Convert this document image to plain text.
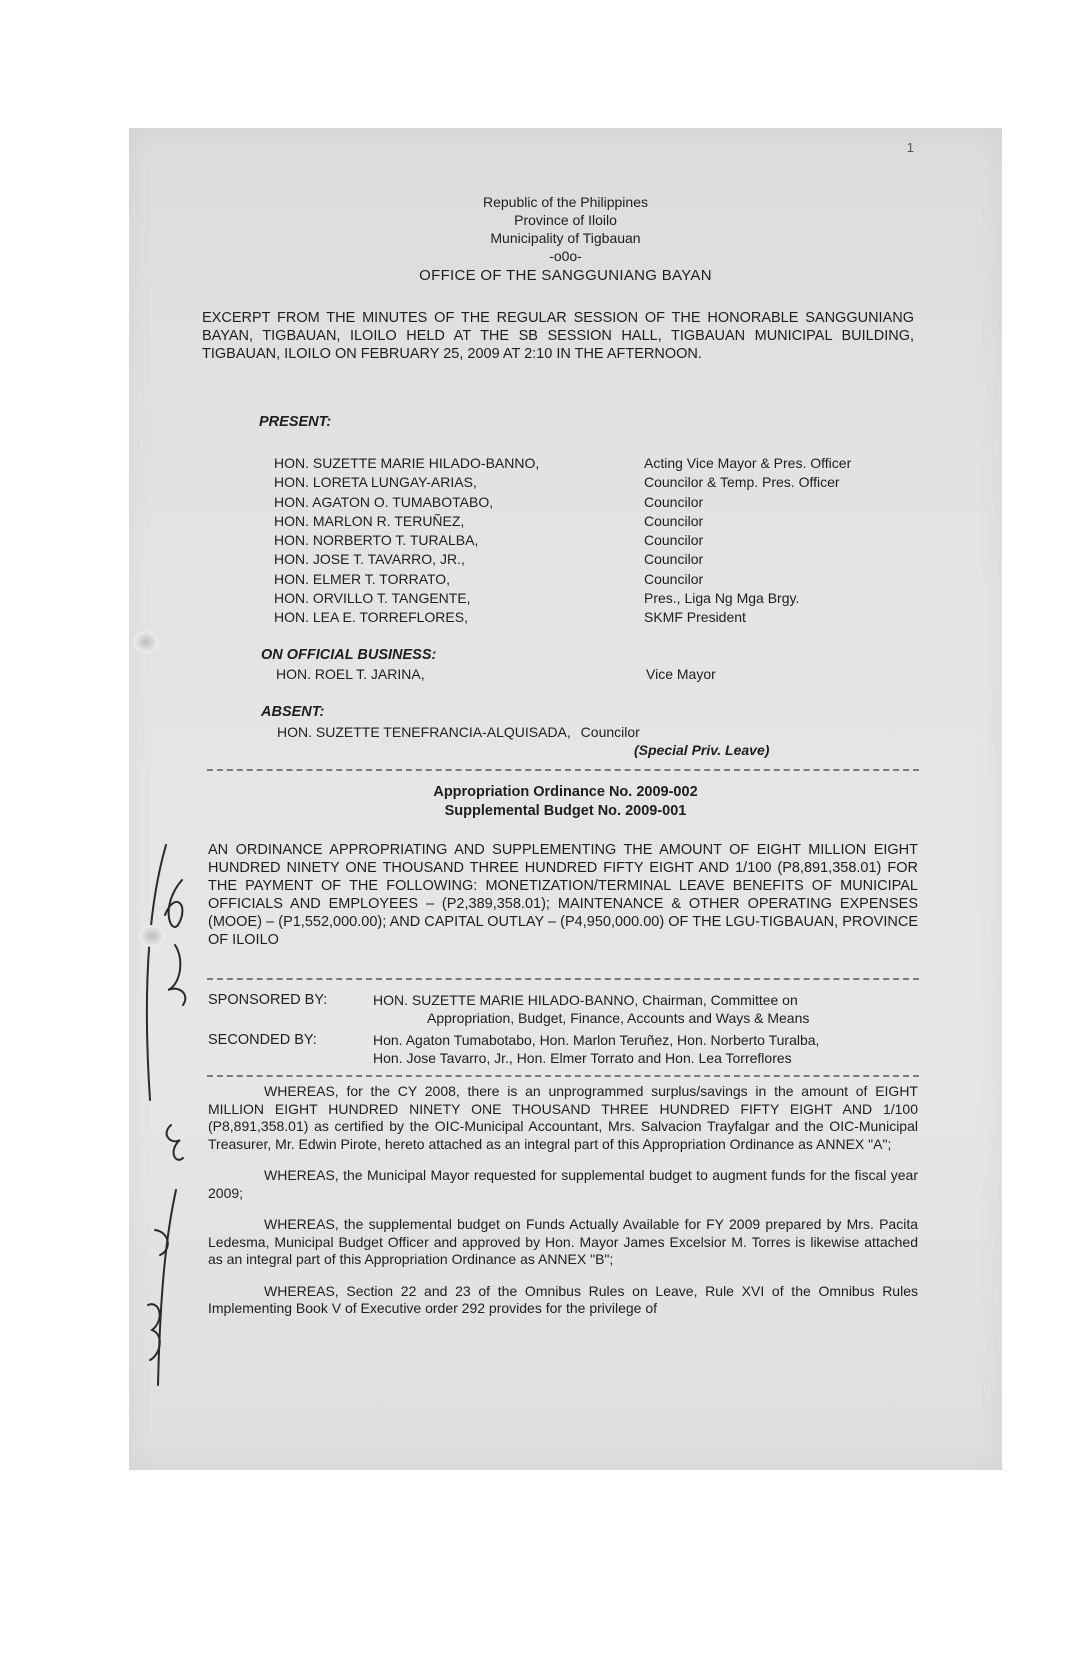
1
Republic of the Philippines
Province of Iloilo
Municipality of Tigbauan
-o0o-
OFFICE OF THE SANGGUNIANG BAYAN
EXCERPT FROM THE MINUTES OF THE REGULAR SESSION OF THE HONORABLE SANGGUNIANG BAYAN, TIGBAUAN, ILOILO HELD AT THE SB SESSION HALL, TIGBAUAN MUNICIPAL BUILDING, TIGBAUAN, ILOILO ON FEBRUARY 25, 2009 AT 2:10 IN THE AFTERNOON.
PRESENT:
HON. SUZETTE MARIE HILADO-BANNO,	Acting Vice Mayor & Pres. Officer
HON. LORETA LUNGAY-ARIAS,	Councilor & Temp. Pres. Officer
HON. AGATON O. TUMABOTABO,	Councilor
HON. MARLON R. TERUÑEZ,	Councilor
HON. NORBERTO T. TURALBA,	Councilor
HON. JOSE T. TAVARRO, JR.,	Councilor
HON. ELMER T. TORRATO,	Councilor
HON. ORVILLO T. TANGENTE,	Pres., Liga Ng Mga Brgy.
HON. LEA E. TORREFLORES,	SKMF President
ON OFFICIAL BUSINESS:
HON. ROEL T. JARINA,	Vice Mayor
ABSENT:
HON. SUZETTE TENEFRANCIA-ALQUISADA, Councilor
(Special Priv. Leave)
Appropriation Ordinance No. 2009-002
Supplemental Budget No. 2009-001
AN ORDINANCE APPROPRIATING AND SUPPLEMENTING THE AMOUNT OF EIGHT MILLION EIGHT HUNDRED NINETY ONE THOUSAND THREE HUNDRED FIFTY EIGHT AND 1/100 (P8,891,358.01) FOR THE PAYMENT OF THE FOLLOWING: MONETIZATION/TERMINAL LEAVE BENEFITS OF MUNICIPAL OFFICIALS AND EMPLOYEES – (P2,389,358.01); MAINTENANCE & OTHER OPERATING EXPENSES (MOOE) – (P1,552,000.00); AND CAPITAL OUTLAY – (P4,950,000.00) OF THE LGU-TIGBAUAN, PROVINCE OF ILOILO
SPONSORED BY:	HON. SUZETTE MARIE HILADO-BANNO, Chairman, Committee on
Appropriation, Budget, Finance, Accounts and Ways & Means
SECONDED BY:	Hon. Agaton Tumabotabo, Hon. Marlon Teruñez, Hon. Norberto Turalba,
Hon. Jose Tavarro, Jr., Hon. Elmer Torrato and Hon. Lea Torreflores

WHEREAS, for the CY 2008, there is an unprogrammed surplus/savings in the amount of EIGHT MILLION EIGHT HUNDRED NINETY ONE THOUSAND THREE HUNDRED FIFTY EIGHT AND 1/100 (P8,891,358.01) as certified by the OIC-Municipal Accountant, Mrs. Salvacion Trayfalgar and the OIC-Municipal Treasurer, Mr. Edwin Pirote, hereto attached as an integral part of this Appropriation Ordinance as ANNEX "A";

WHEREAS, the Municipal Mayor requested for supplemental budget to augment funds for the fiscal year 2009;

WHEREAS, the supplemental budget on Funds Actually Available for FY 2009 prepared by Mrs. Pacita Ledesma, Municipal Budget Officer and approved by Hon. Mayor James Excelsior M. Torres is likewise attached as an integral part of this Appropriation Ordinance as ANNEX "B";

WHEREAS, Section 22 and 23 of the Omnibus Rules on Leave, Rule XVI of the Omnibus Rules Implementing Book V of Executive order 292 provides for the privilege of
